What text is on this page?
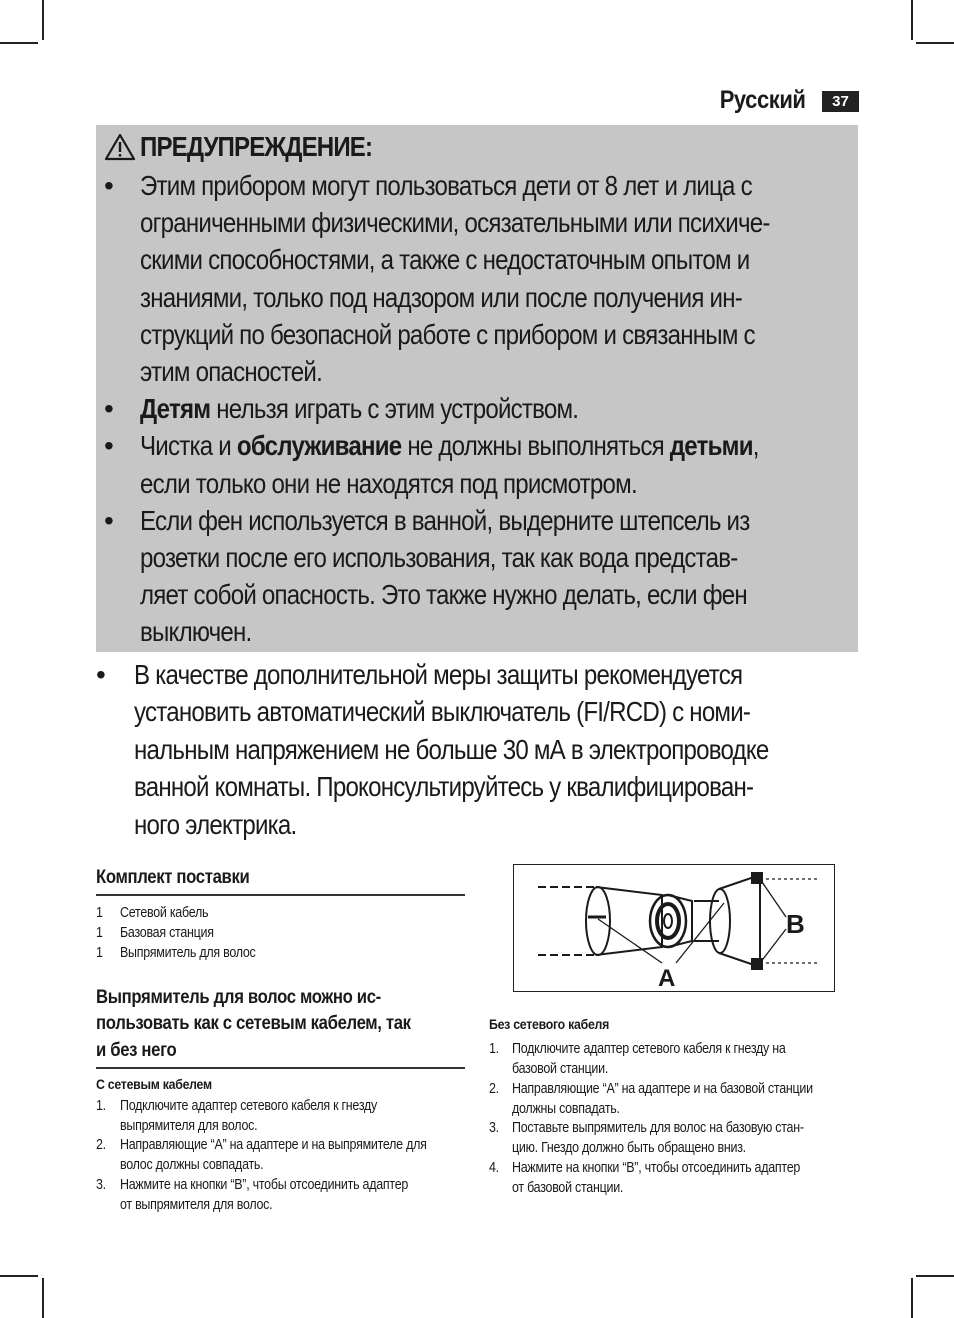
Русский	37
ПРЕДУПРЕЖДЕНИЕ:
• Этим прибором могут пользоваться дети от 8 лет и лица с
ограниченными физическими, осязательными или психиче-
скими способностями, а также с недостаточным опытом и
знаниями, только под надзором или после получения ин-
струкций по безопасной работе с прибором и связанным с
этим опасностей.
• Детям нельзя играть с этим устройством.
• Чистка и обслуживание не должны выполняться детьми,
если только они не находятся под присмотром.
• Если фен используется в ванной, выдерните штепсель из
розетки после его использования, так как вода представ-
ляет собой опасность. Это также нужно делать, если фен
выключен.
• В качестве дополнительной меры защиты рекомендуется
установить автоматический выключатель (FI/RCD) с номи-
нальным напряжением не больше 30 мА в электропроводке
ванной комнаты. Проконсультируйтесь у квалифицирован-
ного электрика.
Комплект поставки
1 Сетевой кабель
1 Базовая станция
1 Выпрямитель для волос
Выпрямитель для волос можно ис-
пользовать как с сетевым кабелем, так
и без него
С сетевым кабелем
1. Подключите адаптер сетевого кабеля к гнезду
выпрямителя для волос.
2. Направляющие “A” на адаптере и на выпрямителе для
волос должны совпадать.
3. Нажмите на кнопки “B”, чтобы отсоединить адаптер
от выпрямителя для волос.
A
B
Без сетевого кабеля
1. Подключите адаптер сетевого кабеля к гнезду на
базовой станции.
2. Направляющие “A” на адаптере и на базовой станции
должны совпадать.
3. Поставьте выпрямитель для волос на базовую стан-
цию. Гнездо должно быть обращено вниз.
4. Нажмите на кнопки “B”, чтобы отсоединить адаптер
от базовой станции.
